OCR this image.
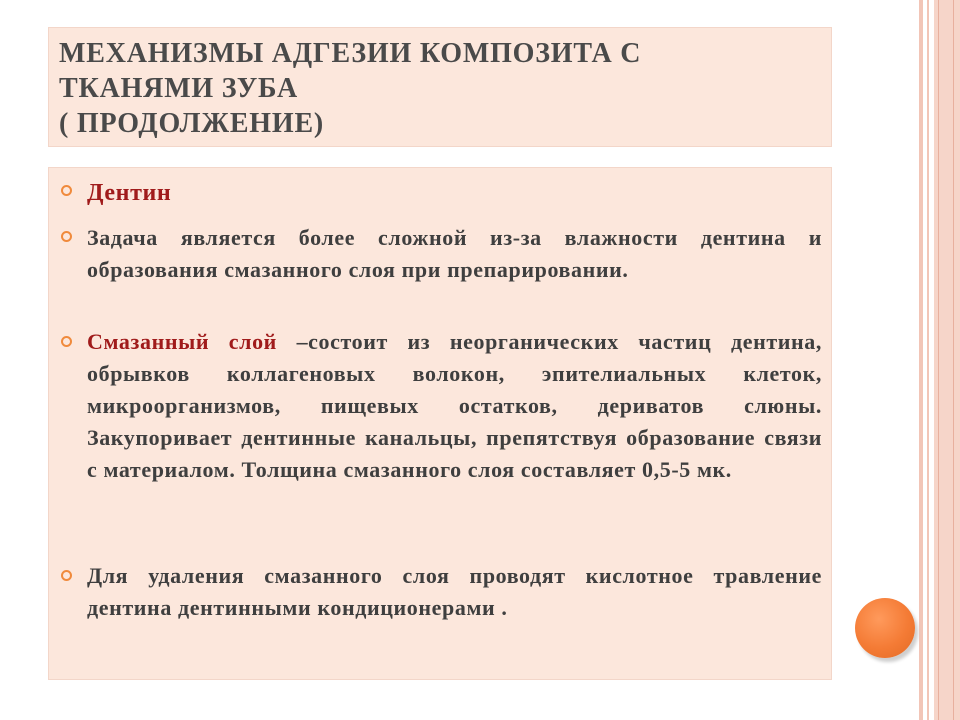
МЕХАНИЗМЫ АДГЕЗИИ КОМПОЗИТА С
ТКАНЯМИ ЗУБА
( ПРОДОЛЖЕНИЕ)
Дентин
Задача является более сложной из-за влажности дентина и образования смазанного слоя при препарировании.
Смазанный слой –состоит из неорганических частиц дентина, обрывков коллагеновых волокон, эпителиальных клеток, микроорганизмов, пищевых остатков, дериватов слюны. Закупоривает дентинные канальцы, препятствуя образование связи с материалом. Толщина смазанного слоя составляет 0,5-5 мк.
Для удаления смазанного слоя проводят кислотное травление дентина дентинными кондиционерами .
